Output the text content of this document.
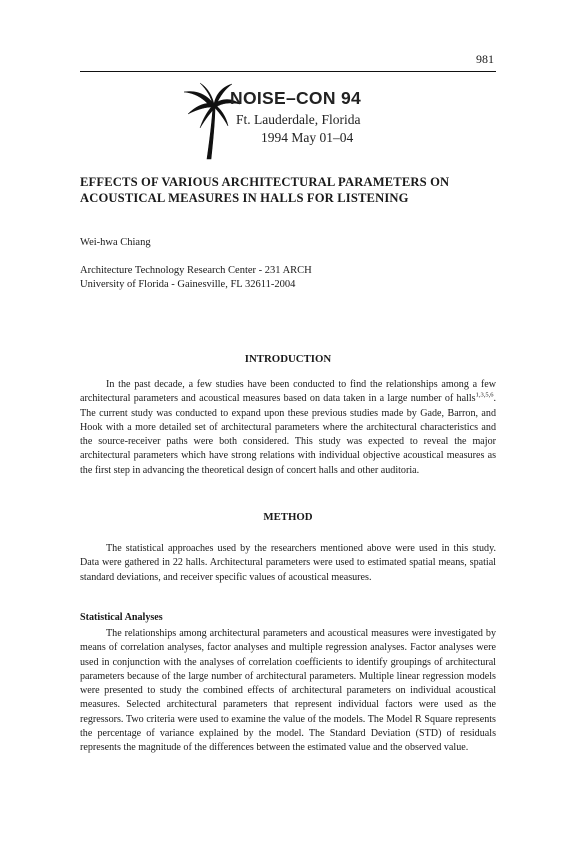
981
NOISE–CON 94
Ft. Lauderdale, Florida
1994 May 01–04
EFFECTS OF VARIOUS ARCHITECTURAL PARAMETERS ON ACOUSTICAL MEASURES IN HALLS FOR LISTENING
Wei-hwa Chiang
Architecture Technology Research Center - 231 ARCH
University of Florida - Gainesville, FL 32611-2004
INTRODUCTION

In the past decade, a few studies have been conducted to find the relationships among a few architectural parameters and acoustical measures based on data taken in a large number of halls$^{1,3,5,6}$. The current study was conducted to expand upon these previous studies made by Gade, Barron, and Hook with a more detailed set of architectural parameters where the architectural characteristics and the source-receiver paths were both considered. This study was expected to reveal the major architectural parameters which have strong relations with individual objective acoustical measures as the first step in advancing the theoretical design of concert halls and other auditoria.

METHOD

The statistical approaches used by the researchers mentioned above were used in this study. Data were gathered in 22 halls. Architectural parameters were used to estimated spatial means, spatial standard deviations, and receiver specific values of acoustical measures.

Statistical Analyses

The relationships among architectural parameters and acoustical measures were investigated by means of correlation analyses, factor analyses and multiple regression analyses. Factor analyses were used in conjunction with the analyses of correlation coefficients to identify groupings of architectural parameters because of the large number of architectural parameters. Multiple linear regression models were presented to study the combined effects of architectural parameters on individual acoustical measures. Selected architectural parameters that represent individual factors were used as the regressors. Two criteria were used to examine the value of the models. The Model R Square represents the percentage of variance explained by the model. The Standard Deviation (STD) of residuals represents the magnitude of the differences between the estimated value and the observed value.
